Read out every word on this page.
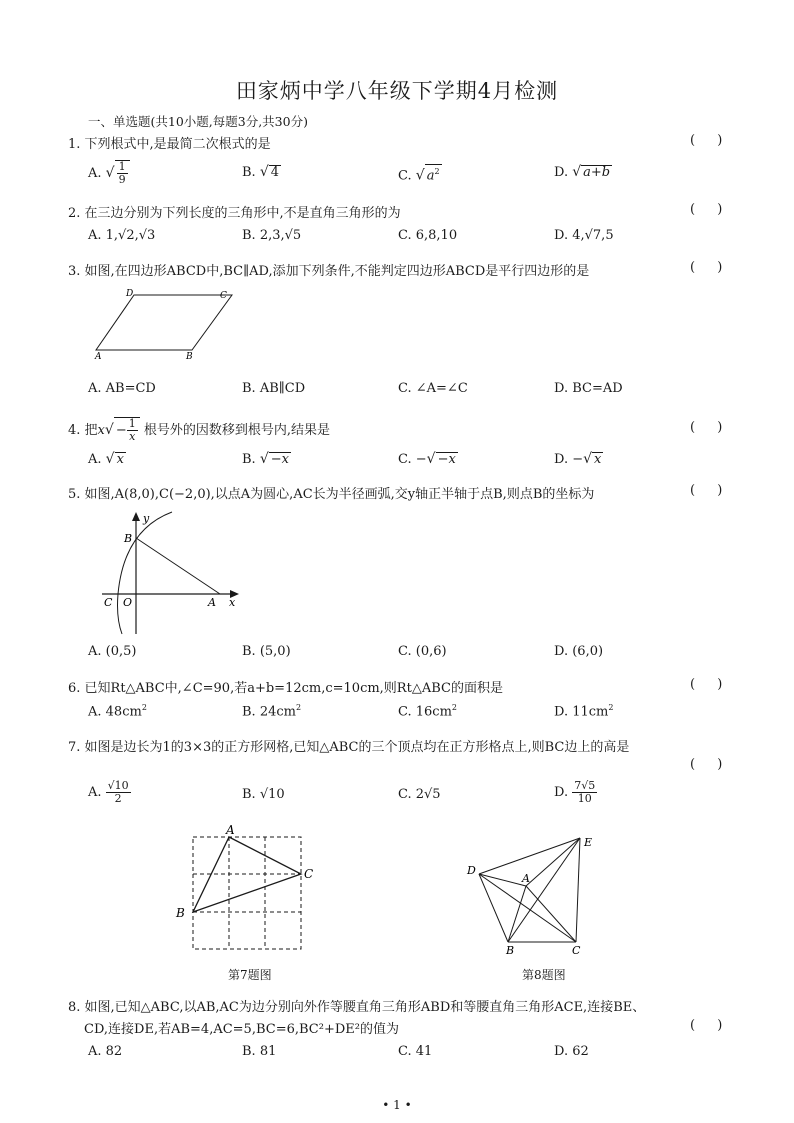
田家炳中学八年级下学期4月检测
一、单选题(共10小题,每题3分,共30分)
1. 下列根式中,是最简二次根式的是	( )
A. √ $\frac{1}{9}$	B. √ 4	C. √ $a^2$	D. √ a+b
2. 在三边分别为下列长度的三角形中,不是直角三角形的为	( )
A. 1,√2,√3	B. 2,3,√5	C. 6,8,10	D. 4,√7,5
3. 如图,在四边形ABCD中,BC∥AD,添加下列条件,不能判定四边形ABCD是平行四边形的是	( )
D	C
A	B
A. AB=CD	B. AB∥CD	C. ∠A=∠C	D. BC=AD
4. 把$x√ - \frac{1}{x}$ 根号外的因数移到根号内,结果是	( )
A. √ x	B. √ −x	C. −√ −x	D. −√ x
5. 如图,A(8,0),C(−2,0),以点A为圆心,AC长为半径画弧,交y轴正半轴于点B,则点B的坐标为	( )
y
x
B
C O	A
A. (0,5)	B. (5,0)	C. (0,6)	D. (6,0)
6. 已知Rt△ABC中,∠C=90,若a+b=12cm,c=10cm,则Rt△ABC的面积是	( )
A. $48cm^2$	B. $24cm^2$	C. $16cm^2$	D. $11cm^2$
7. 如图是边长为1的3×3的正方形网格,已知△ABC的三个顶点均在正方形格点上,则BC边上的高是
( )
A. $\frac{√10}{2}$	B. √10	C. 2√5	D. $\frac{7√5}{10}$
A
C
B
第7题图
D
A
E
B	C
第8题图
8. 如图,已知△ABC,以AB,AC为边分别向外作等腰直角三角形ABD和等腰直角三角形ACE,连接BE、
CD,连接DE,若AB=4,AC=5,BC=6,BC²+DE²的值为	( )
A. 82	B. 81	C. 41	D. 62
• 1 •
